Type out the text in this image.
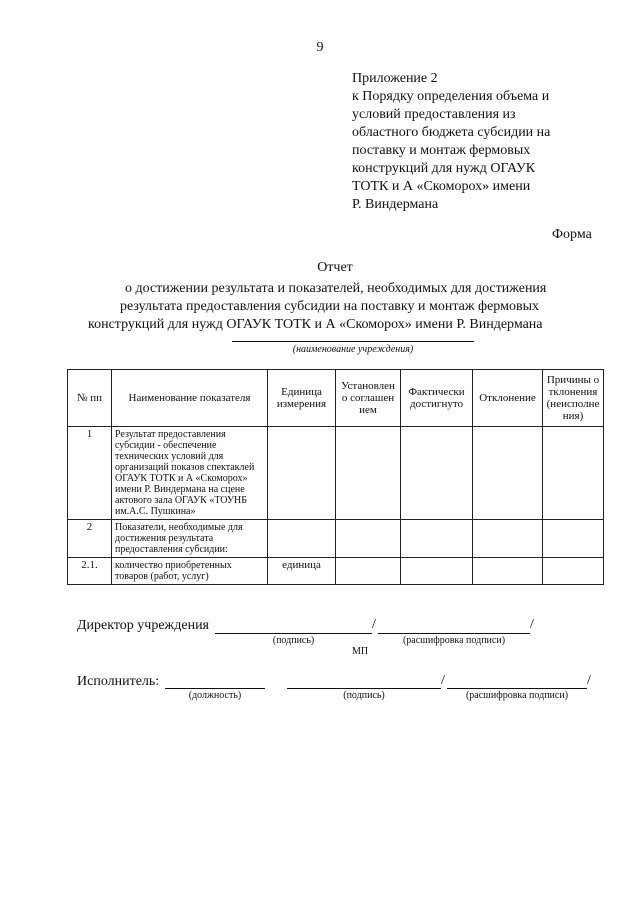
9
Приложение 2
к Порядку определения объема и
условий предоставления из
областного бюджета субсидии на
поставку и монтаж фермовых
конструкций для нужд ОГАУК
ТОТК и А «Скоморох» имени
Р. Виндермана
Форма
Отчет
о достижении результата и показателей, необходимых для достижения
результата предоставления субсидии на поставку и монтаж фермовых
конструкций для нужд ОГАУК ТОТК и А «Скоморох» имени Р. Виндермана
(наименование учреждения)
№ пп	Наименование показателя	Единица измерения	Установлено соглашением	Фактически достигнуто	Отклонение	Причины отклонения (неисполнения)
1	Результат предоставления субсидии - обеспечение технических условий для организаций показов спектаклей ОГАУК ТОТК и А «Скоморох» имени Р. Виндермана на сцене актового зала ОГАУК «ТОУНБ им.А.С. Пушкина»					
2	Показатели, необходимые для достижения результата предоставления субсидии:					
2.1.	количество приобретенных товаров (работ, услуг)	единица				
Директор учреждения	/	/
(подпись)	(расшифровка подписи)
МП
Исполнитель:	/	/
(должность)	(подпись)	(расшифровка подписи)
